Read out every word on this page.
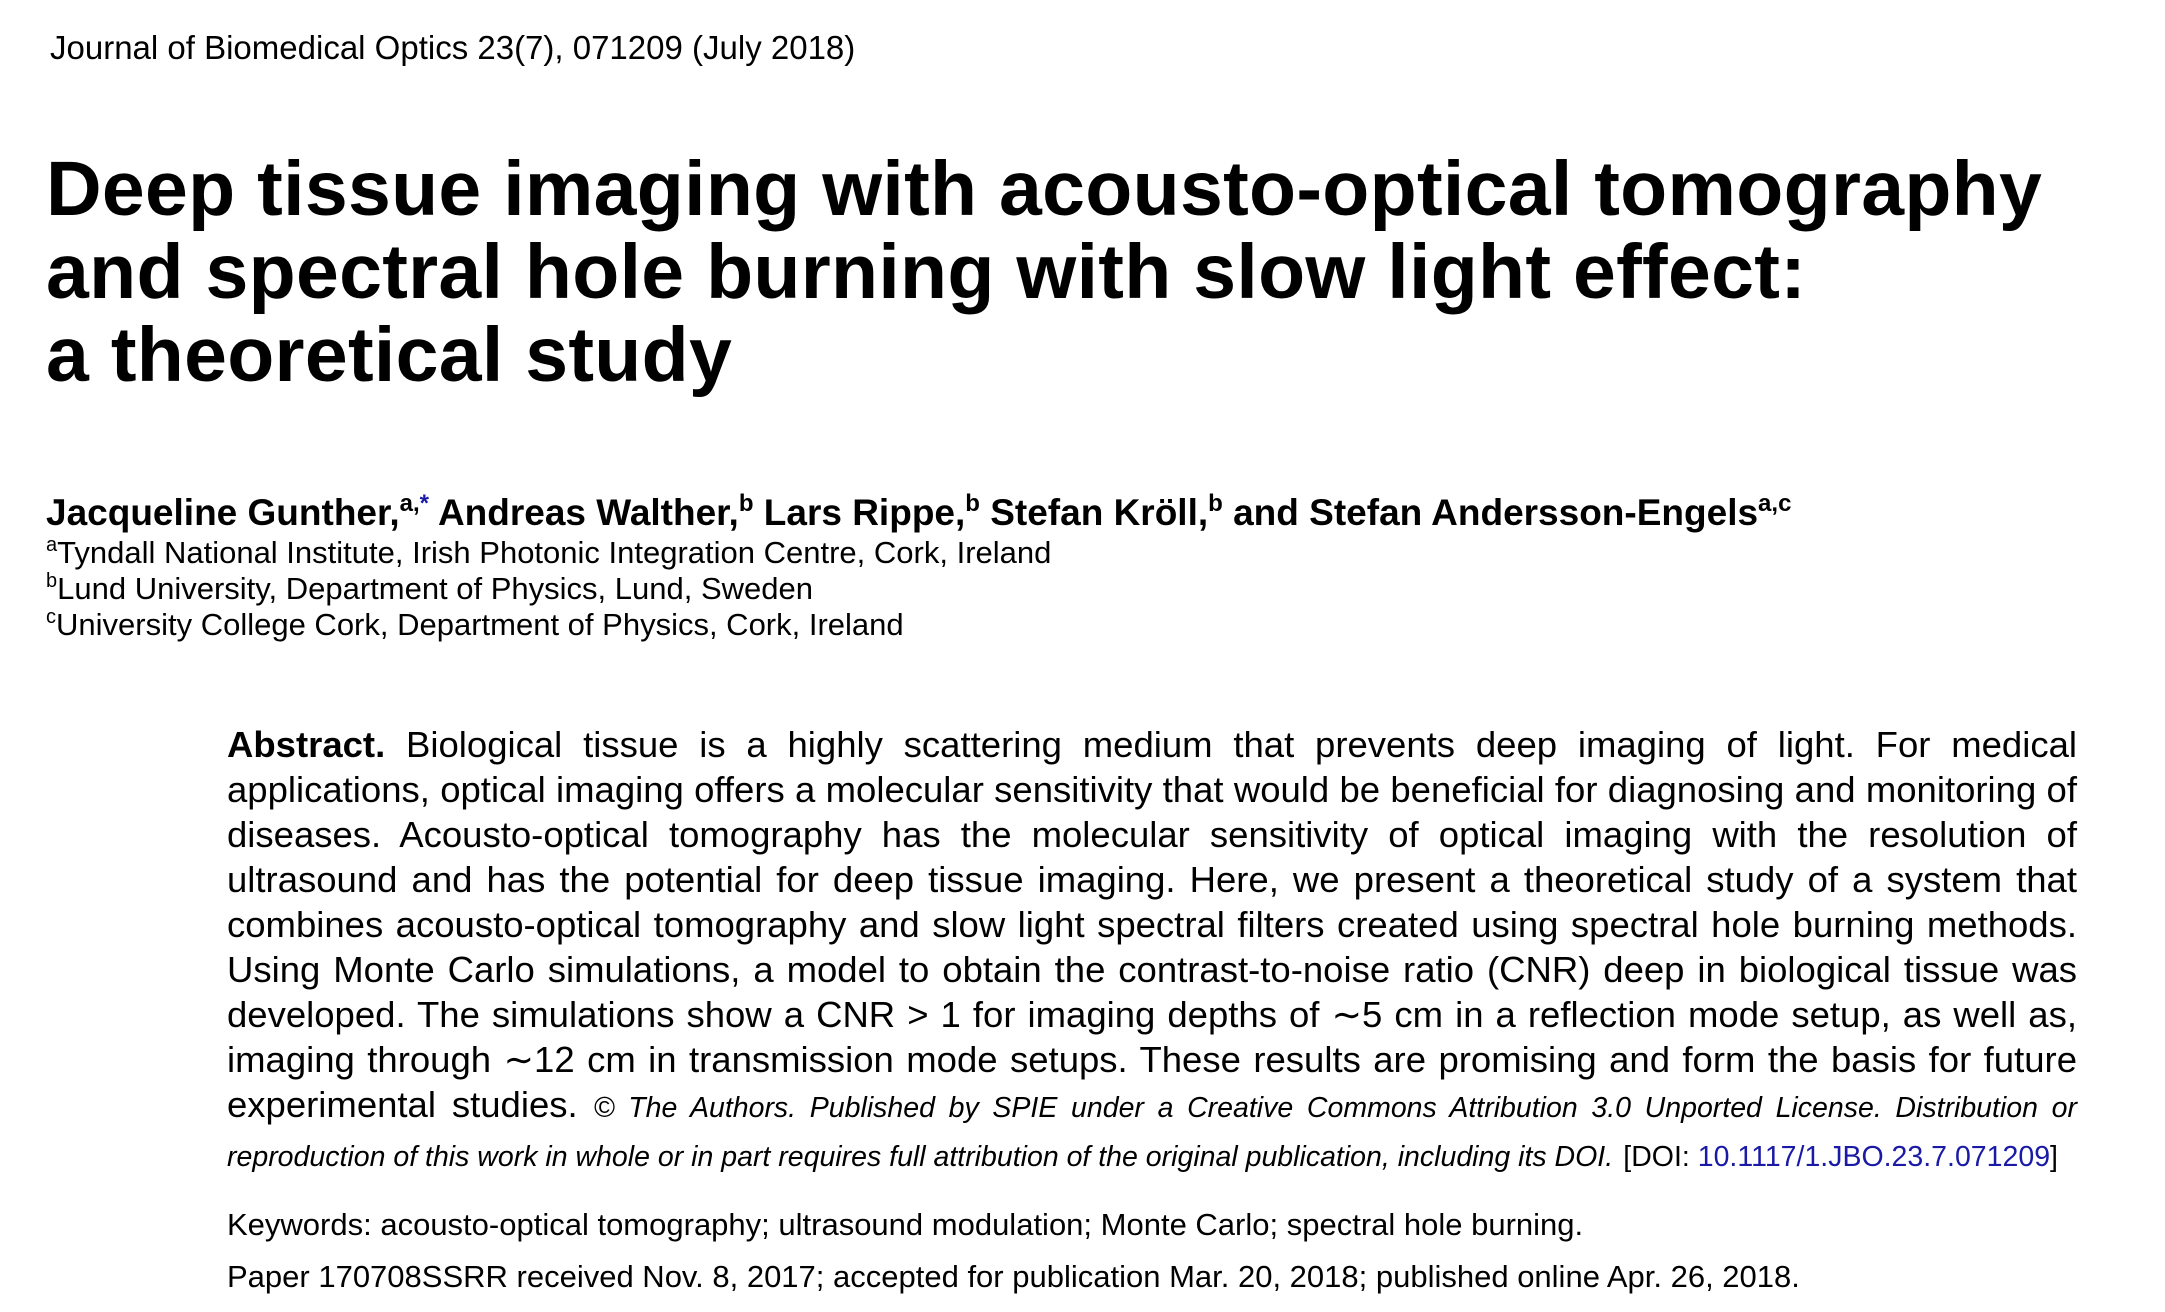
Journal of Biomedical Optics 23(7), 071209 (July 2018)
Deep tissue imaging with acousto-optical tomography
and spectral hole burning with slow light effect:
a theoretical study
Jacqueline Gunther,$^{a,*}$ Andreas Walther,$^b$ Lars Rippe,$^b$ Stefan Kröll,$^b$ and Stefan Andersson-Engels$^{a,c}$
$^a$Tyndall National Institute, Irish Photonic Integration Centre, Cork, Ireland
$^b$Lund University, Department of Physics, Lund, Sweden
$^c$University College Cork, Department of Physics, Cork, Ireland
Abstract. Biological tissue is a highly scattering medium that prevents deep imaging of light. For medical applications, optical imaging offers a molecular sensitivity that would be beneficial for diagnosing and monitoring of diseases. Acousto-optical tomography has the molecular sensitivity of optical imaging with the resolution of ultrasound and has the potential for deep tissue imaging. Here, we present a theoretical study of a system that combines acousto-optical tomography and slow light spectral filters created using spectral hole burning methods. Using Monte Carlo simulations, a model to obtain the contrast-to-noise ratio (CNR) deep in biological tissue was developed. The simulations show a CNR > 1 for imaging depths of ∼5 cm in a reflection mode setup, as well as, imaging through ∼12 cm in transmission mode setups. These results are promising and form the basis for future experimental studies. © The Authors. Published by SPIE under a Creative Commons Attribution 3.0 Unported License. Distribution or reproduction of this work in whole or in part requires full attribution of the original publication, including its DOI. [DOI: 10.1117/1.JBO.23.7.071209]
Keywords: acousto-optical tomography; ultrasound modulation; Monte Carlo; spectral hole burning.
Paper 170708SSRR received Nov. 8, 2017; accepted for publication Mar. 20, 2018; published online Apr. 26, 2018.
